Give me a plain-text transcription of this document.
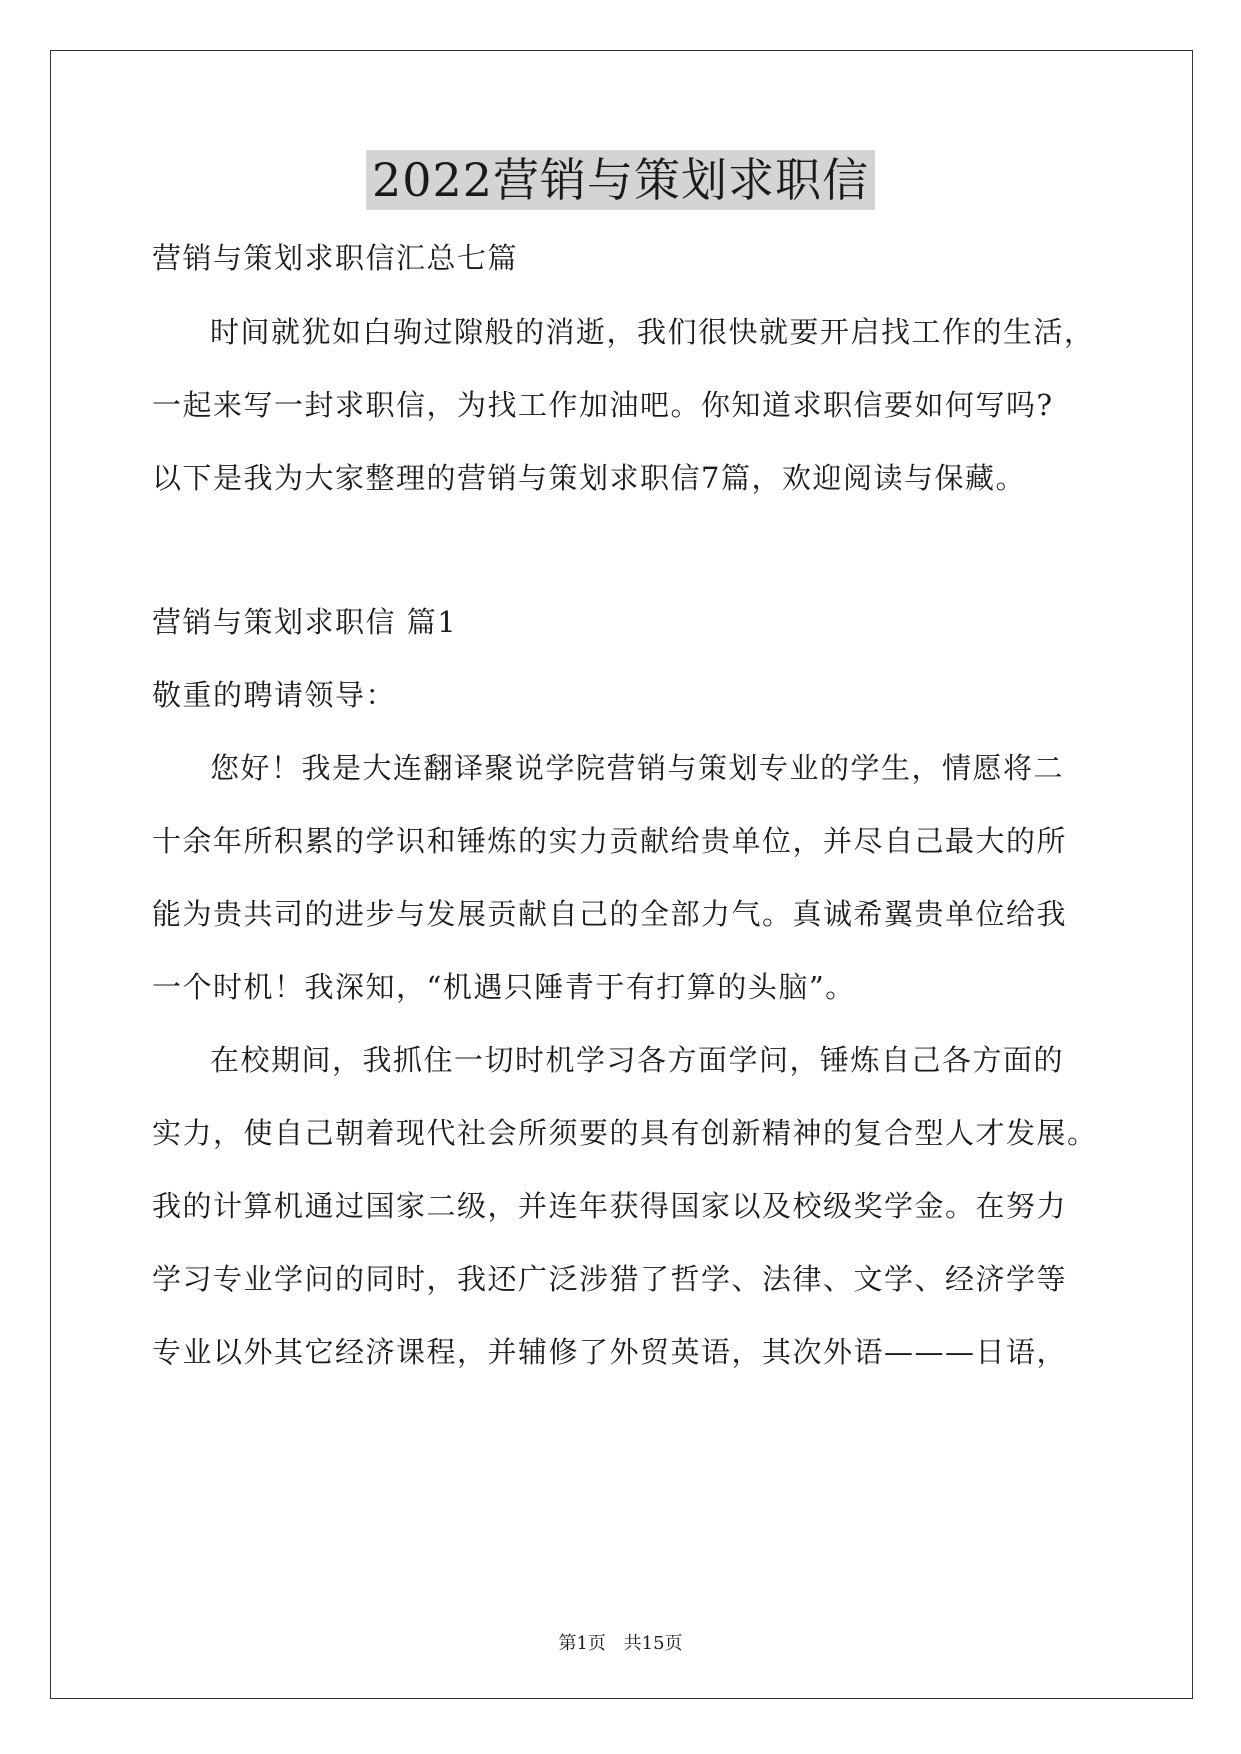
2022营销与策划求职信
营销与策划求职信汇总七篇
时间就犹如白驹过隙般的消逝，我们很快就要开启找工作的生活，
一起来写一封求职信，为找工作加油吧。你知道求职信要如何写吗?
以下是我为大家整理的营销与策划求职信7篇，欢迎阅读与保藏。
营销与策划求职信 篇1
敬重的聘请领导：
您好！我是大连翻译聚说学院营销与策划专业的学生，情愿将二
十余年所积累的学识和锤炼的实力贡献给贵单位，并尽自己最大的所
能为贵共司的进步与发展贡献自己的全部力气。真诚希翼贵单位给我
一个时机！我深知，“机遇只陲青于有打算的头脑”。
在校期间，我抓住一切时机学习各方面学问，锤炼自己各方面的
实力，使自己朝着现代社会所须要的具有创新精神的复合型人才发展。
我的计算机通过国家二级，并连年获得国家以及校级奖学金。在努力
学习专业学问的同时，我还广泛涉猎了哲学、法律、文学、经济学等
专业以外其它经济课程，并辅修了外贸英语，其次外语———日语，
第1页 共15页
